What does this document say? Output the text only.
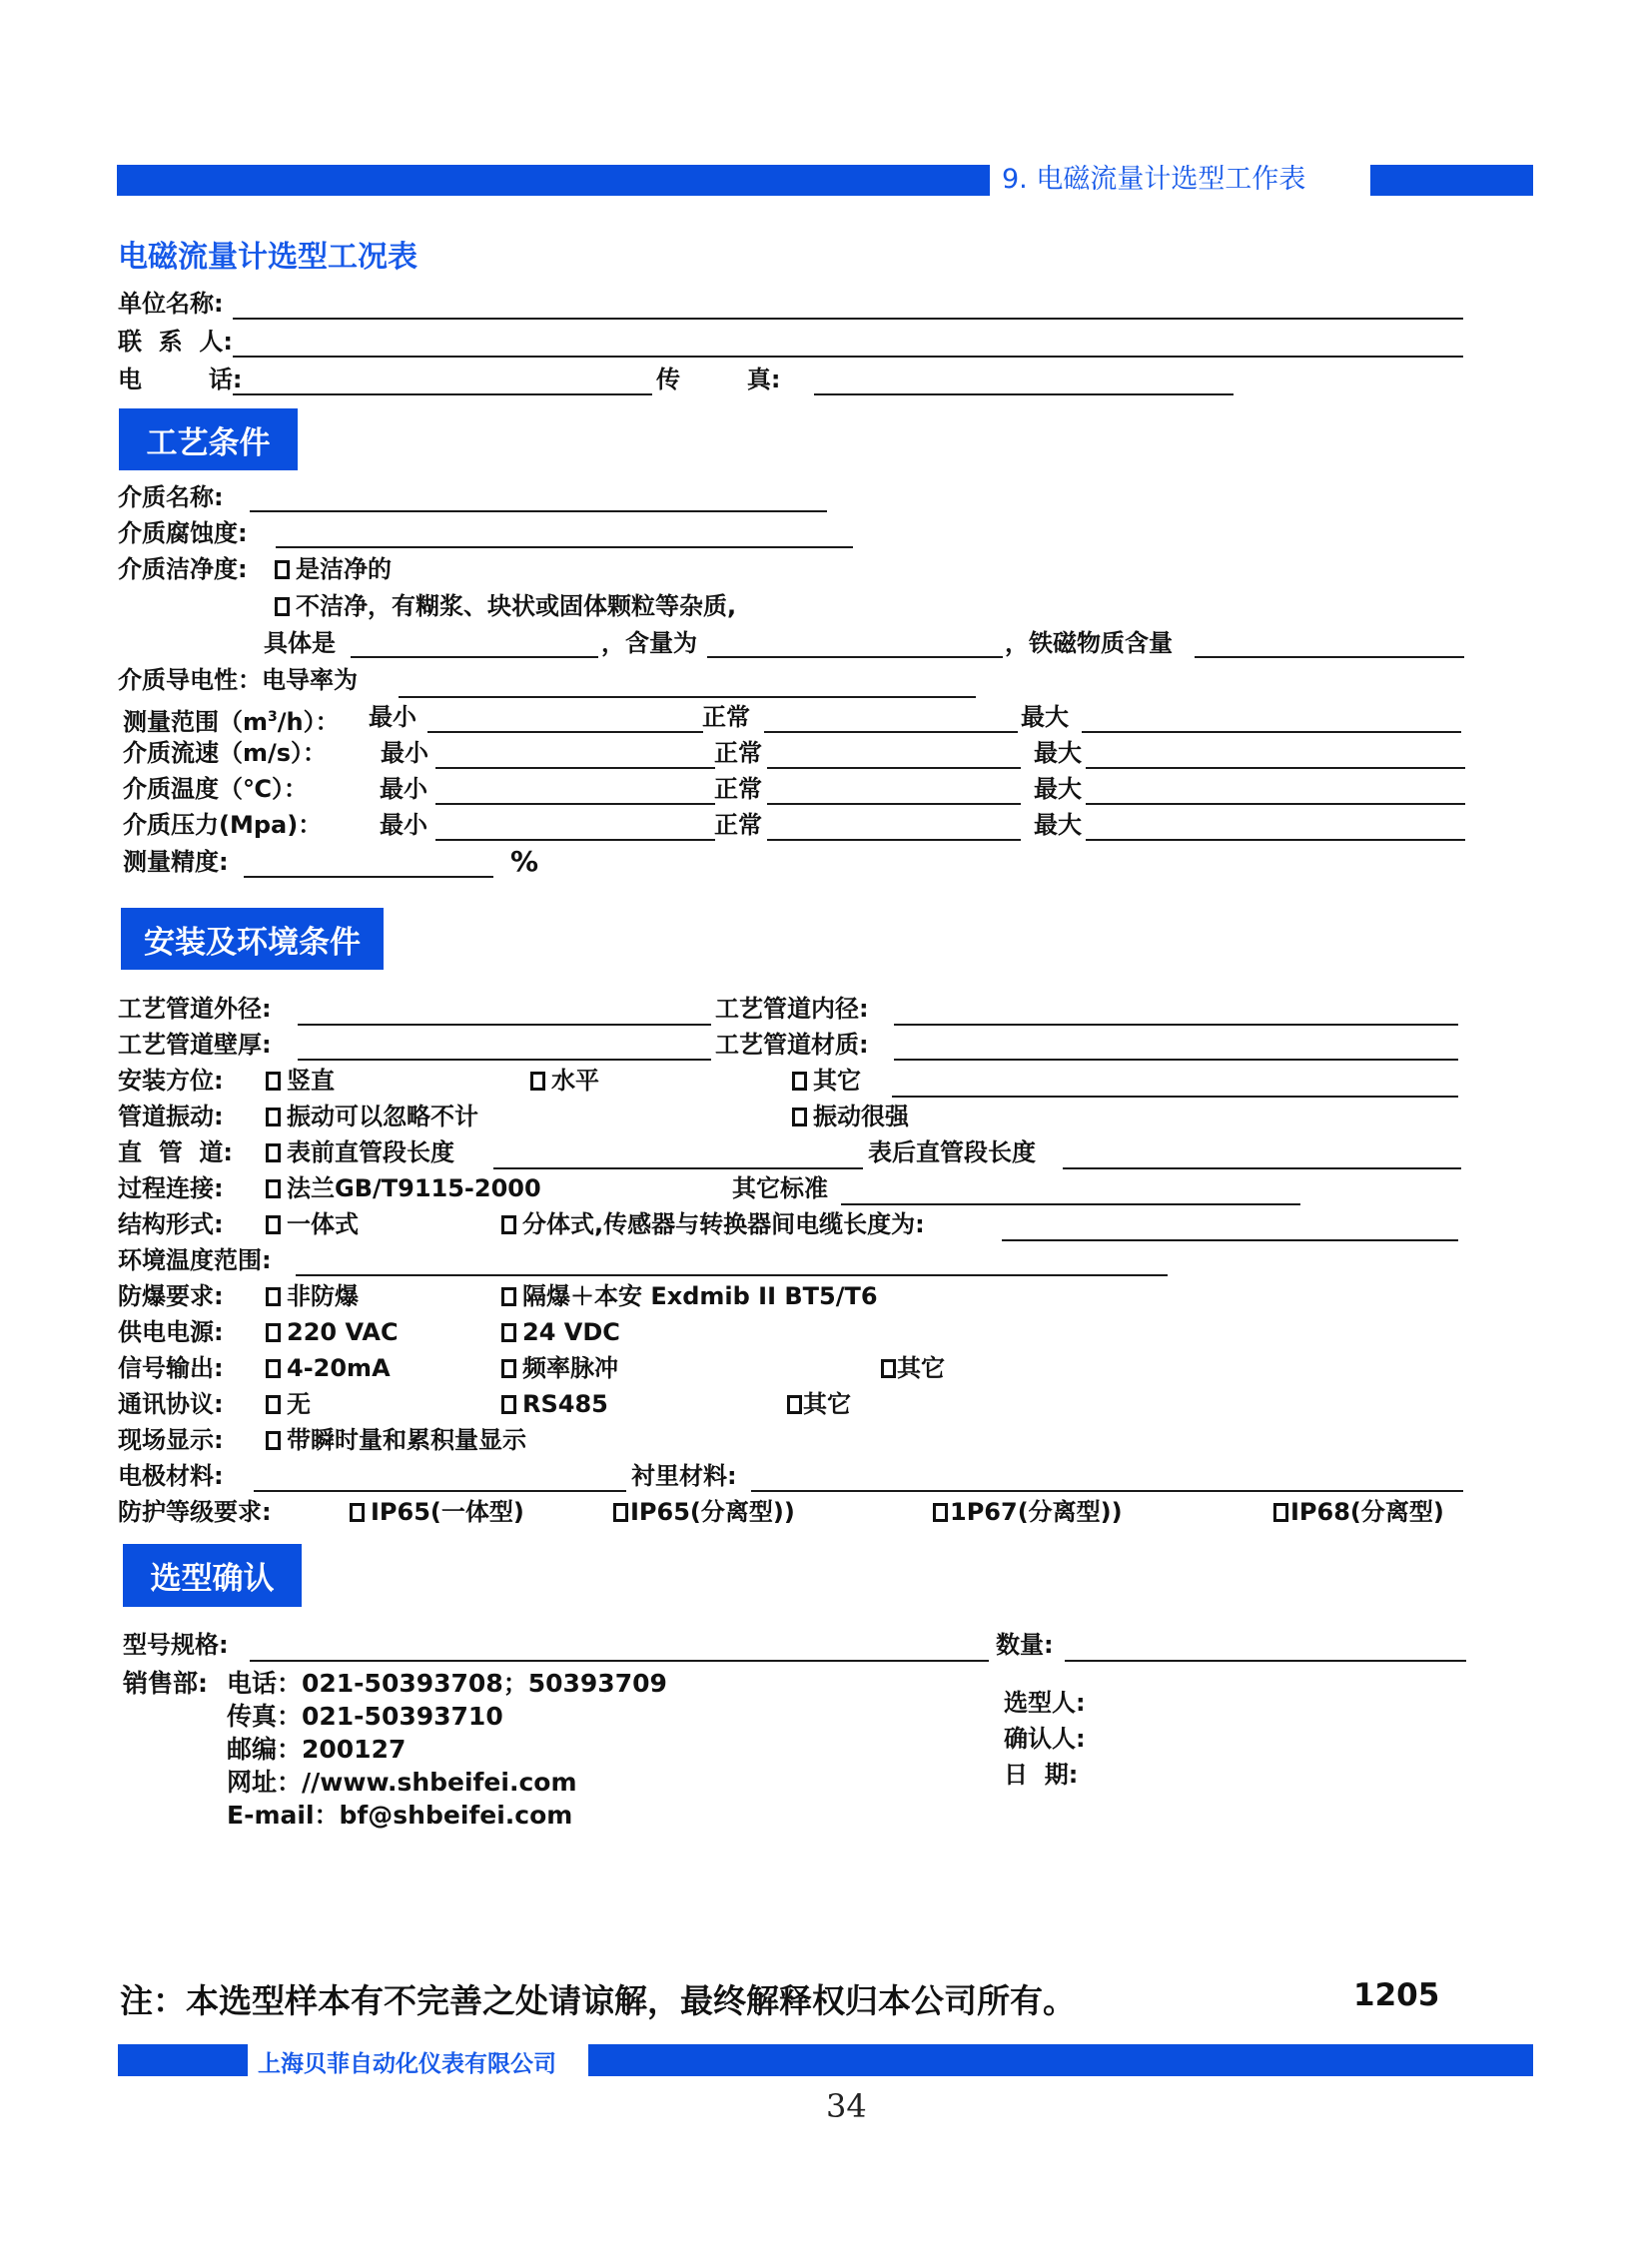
9. 电磁流量计选型工作表
电磁流量计选型工况表
单位名称:
联  系  人:
电        话:	传        真:
工艺条件
介质名称:
介质腐蚀度:
介质洁净度:	是洁净的
不洁净，有糊浆、块状或固体颗粒等杂质,
具体是	，含量为	，铁磁物质含量
介质导电性：电导率为
测量范围$(m^3/h)$： 最小	正常	最大
介质流速（m/s）： 最小	正常	最大
介质温度（℃）：	最小	正常	最大
介质压力(Mpa)： 最小	正常	最大
测量精度:	%
安装及环境条件
工艺管道外径:	工艺管道内径:
工艺管道壁厚:	工艺管道材质:
安装方位:	竖直	水平	其它
管道振动:	振动可以忽略不计	振动很强
直  管  道:	表前直管段长度	表后直管段长度
过程连接:	法兰GB/T9115-2000	其它标准
结构形式:	一体式	分体式,传感器与转换器间电缆长度为:
环境温度范围:
防爆要求:	非防爆	隔爆＋本安 Exdmib II BT5/T6
供电电源:	220 VAC	24 VDC
信号输出:	4-20mA	频率脉冲	其它
通讯协议:	无	RS485	其它
现场显示:	带瞬时量和累积量显示
电极材料:	衬里材料:
防护等级要求:	IP65(一体型)	IP65(分离型))	1P67(分离型))	IP68(分离型)
选型确认
型号规格:	数量:
销售部: 电话：021-50393708；50393709
传真：021-50393710
邮编：200127
网址：//www.shbeifei.com
E-mail：bf@shbeifei.com
选型人:
确认人:
日  期:
注：本选型样本有不完善之处请谅解，最终解释权归本公司所有。	1205
上海贝菲自动化仪表有限公司
34
